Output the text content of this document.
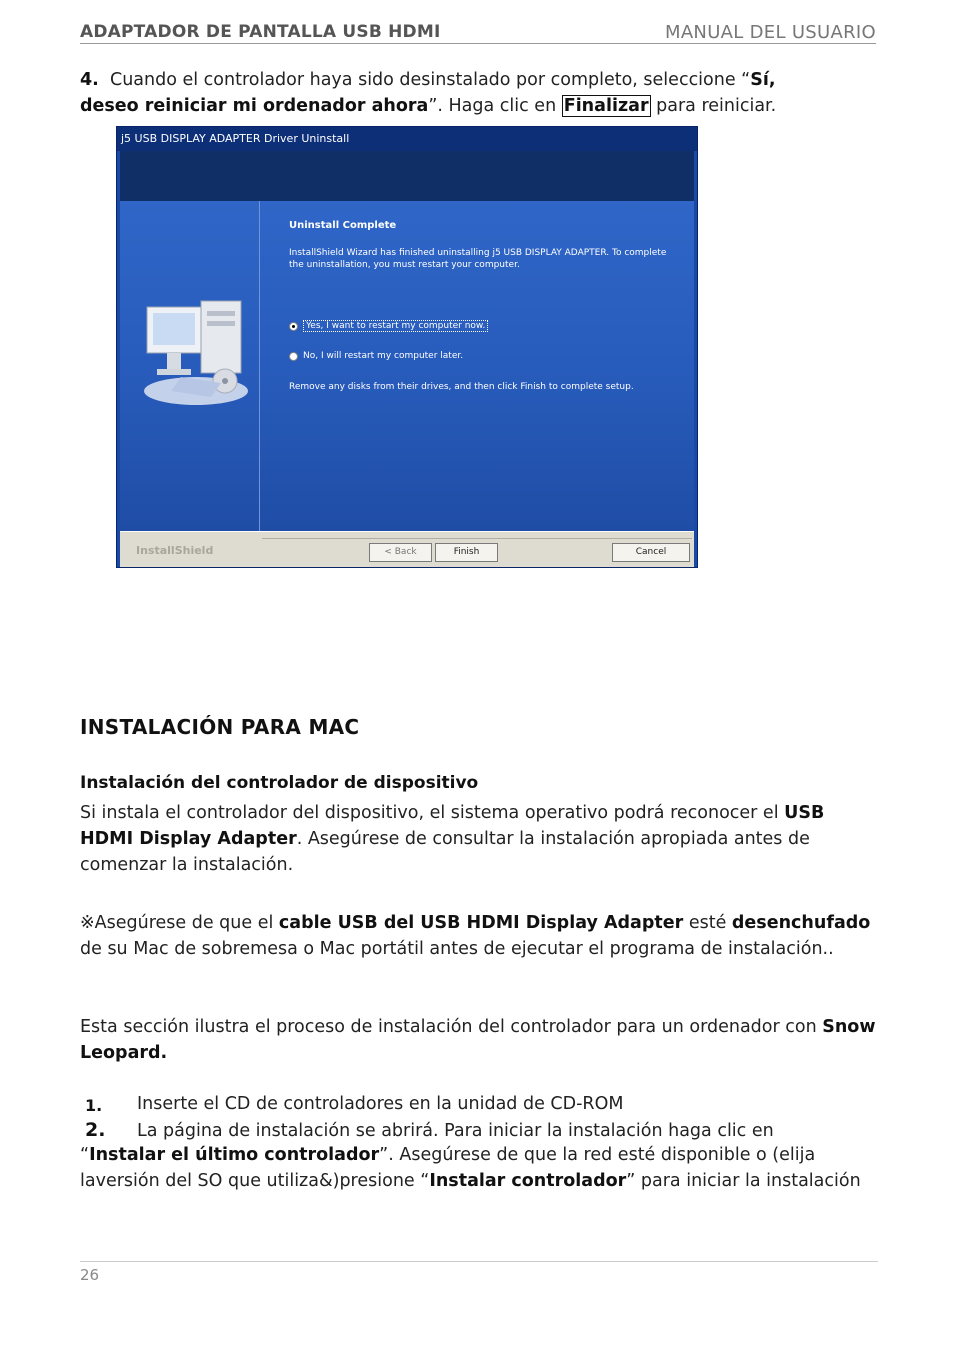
ADAPTADOR DE PANTALLA USB HDMI	MANUAL DEL USUARIO
4. Cuando el controlador haya sido desinstalado por completo, seleccione “Sí, deseo reiniciar mi ordenador ahora”. Haga clic en Finalizar para reiniciar.
j5 USB DISPLAY ADAPTER Driver Uninstall
Uninstall Complete
InstallShield Wizard has finished uninstalling j5 USB DISPLAY ADAPTER. To complete the uninstallation, you must restart your computer.
Yes, I want to restart my computer now.
No, I will restart my computer later.
Remove any disks from their drives, and then click Finish to complete setup.
InstallShield	< Back	Finish	Cancel
INSTALACIÓN PARA MAC
Instalación del controlador de dispositivo
Si instala el controlador del dispositivo, el sistema operativo podrá reconocer el USB HDMI Display Adapter. Asegúrese de consultar la instalación apropiada antes de comenzar la instalación.
※Asegúrese de que el cable USB del USB HDMI Display Adapter esté desenchufado de su Mac de sobremesa o Mac portátil antes de ejecutar el programa de instalación..
Esta sección ilustra el proceso de instalación del controlador para un ordenador con Snow Leopard.
1. Inserte el CD de controladores en la unidad de CD-ROM
2. La página de instalación se abrirá. Para iniciar la instalación haga clic en
“Instalar el último controlador”. Asegúrese de que la red esté disponible o (elija laversión del SO que utiliza&)presione “Instalar controlador” para iniciar la instalación
26
